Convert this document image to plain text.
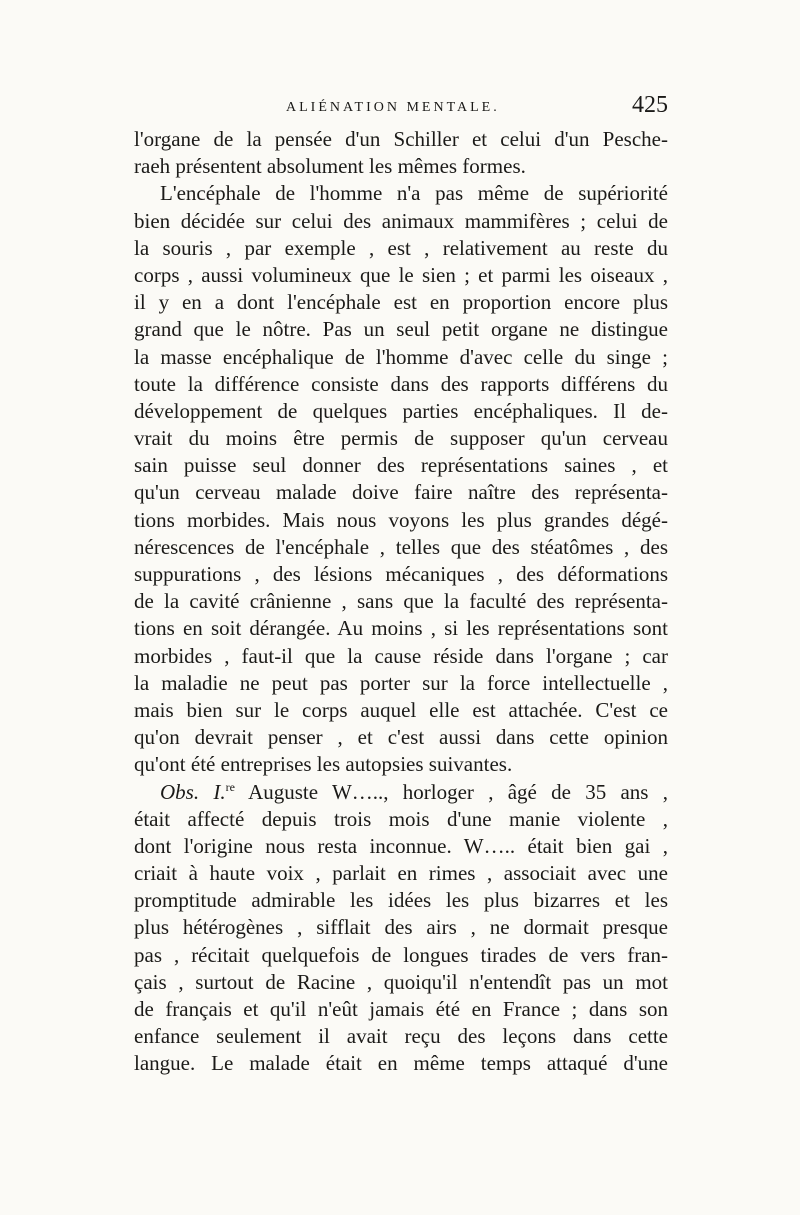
ALIÉNATION MENTALE.	425
l'organe de la pensée d'un Schiller et celui d'un Pesche-
raeh présentent absolument les mêmes formes.
L'encéphale de l'homme n'a pas même de supériorité
bien décidée sur celui des animaux mammifères ; celui de
la souris , par exemple , est , relativement au reste du
corps , aussi volumineux que le sien ; et parmi les oiseaux ,
il y en a dont l'encéphale est en proportion encore plus
grand que le nôtre. Pas un seul petit organe ne distingue
la masse encéphalique de l'homme d'avec celle du singe ;
toute la différence consiste dans des rapports différens du
développement de quelques parties encéphaliques. Il de-
vrait du moins être permis de supposer qu'un cerveau
sain puisse seul donner des représentations saines , et
qu'un cerveau malade doive faire naître des représenta-
tions morbides. Mais nous voyons les plus grandes dégé-
nérescences de l'encéphale , telles que des stéatômes , des
suppurations , des lésions mécaniques , des déformations
de la cavité crânienne , sans que la faculté des représenta-
tions en soit dérangée. Au moins , si les représentations sont
morbides , faut-il que la cause réside dans l'organe ; car
la maladie ne peut pas porter sur la force intellectuelle ,
mais bien sur le corps auquel elle est attachée. C'est ce
qu'on devrait penser , et c'est aussi dans cette opinion
qu'ont été entreprises les autopsies suivantes.
Obs. I.$^{re}$ Auguste W….., horloger , âgé de 35 ans ,
était affecté depuis trois mois d'une manie violente ,
dont l'origine nous resta inconnue. W….. était bien gai ,
criait à haute voix , parlait en rimes , associait avec une
promptitude admirable les idées les plus bizarres et les
plus hétérogènes , sifflait des airs , ne dormait presque
pas , récitait quelquefois de longues tirades de vers fran-
çais , surtout de Racine , quoiqu'il n'entendît pas un mot
de français et qu'il n'eût jamais été en France ; dans son
enfance seulement il avait reçu des leçons dans cette
langue. Le malade était en même temps attaqué d'une
